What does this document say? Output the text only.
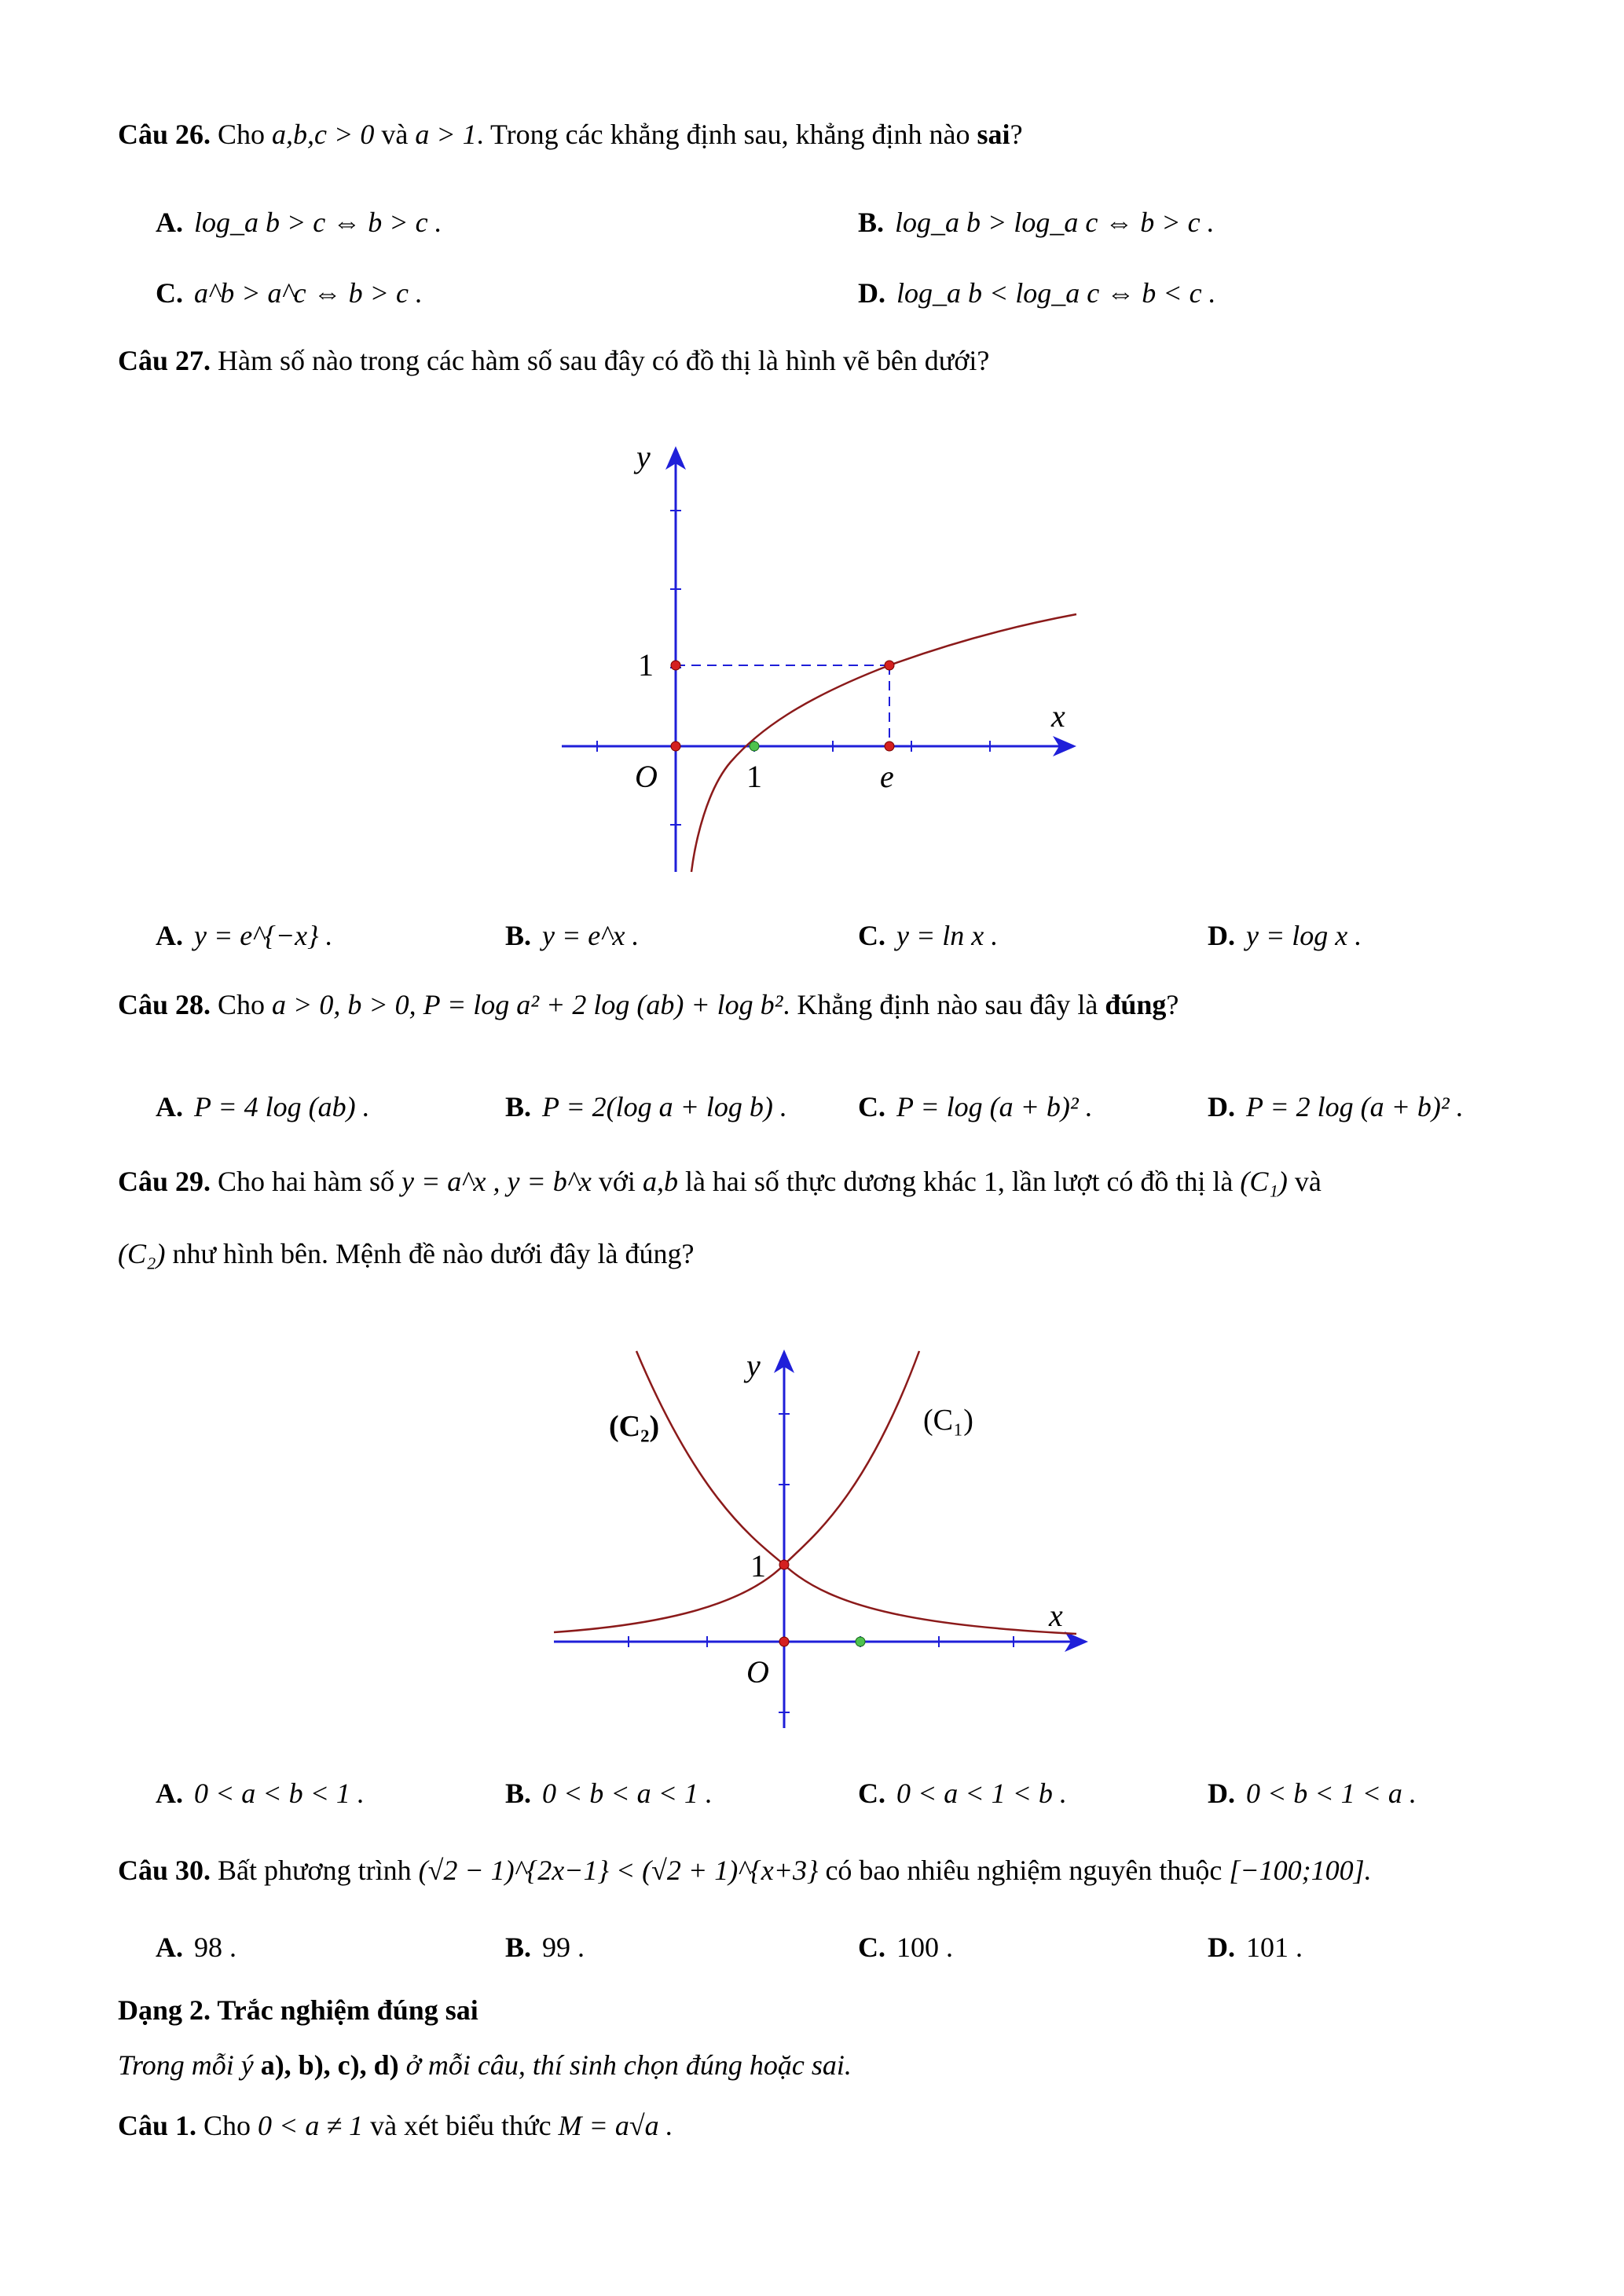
Câu 26. Cho a,b,c > 0 và a > 1. Trong các khẳng định sau, khẳng định nào sai?
A. log_a b > c ⇔ b > c .	B. log_a b > log_a c ⇔ b > c .
C. a^b > a^c ⇔ b > c .	D. log_a b < log_a c ⇔ b < c .
Câu 27. Hàm số nào trong các hàm số sau đây có đồ thị là hình vẽ bên dưới?
y
x
O	1	e
1
A. y = e^{−x} .	B. y = e^x .	C. y = ln x .	D. y = log x .
Câu 28. Cho a > 0, b > 0, P = log a² + 2 log (ab) + log b². Khẳng định nào sau đây là đúng?
A. P = 4 log (ab) .	B. P = 2(log a + log b) .	C. P = log (a + b)² .	D. P = 2 log (a + b)² .
Câu 29. Cho hai hàm số y = a^x , y = b^x với a,b là hai số thực dương khác 1, lần lượt có đồ thị là (C₁) và
(C₂) như hình bên. Mệnh đề nào dưới đây là đúng?
y
x
O
1
(C₁)
(C₂)
A. 0 < a < b < 1 .	B. 0 < b < a < 1 .	C. 0 < a < 1 < b .	D. 0 < b < 1 < a .
Câu 30. Bất phương trình (√2 − 1)^{2x−1} < (√2 + 1)^{x+3} có bao nhiêu nghiệm nguyên thuộc [−100;100].
A. 98 .	B. 99 .	C. 100 .	D. 101 .
Dạng 2. Trắc nghiệm đúng sai
Trong mỗi ý a), b), c), d) ở mỗi câu, thí sinh chọn đúng hoặc sai.
Câu 1. Cho 0 < a ≠ 1 và xét biểu thức M = a√a .
